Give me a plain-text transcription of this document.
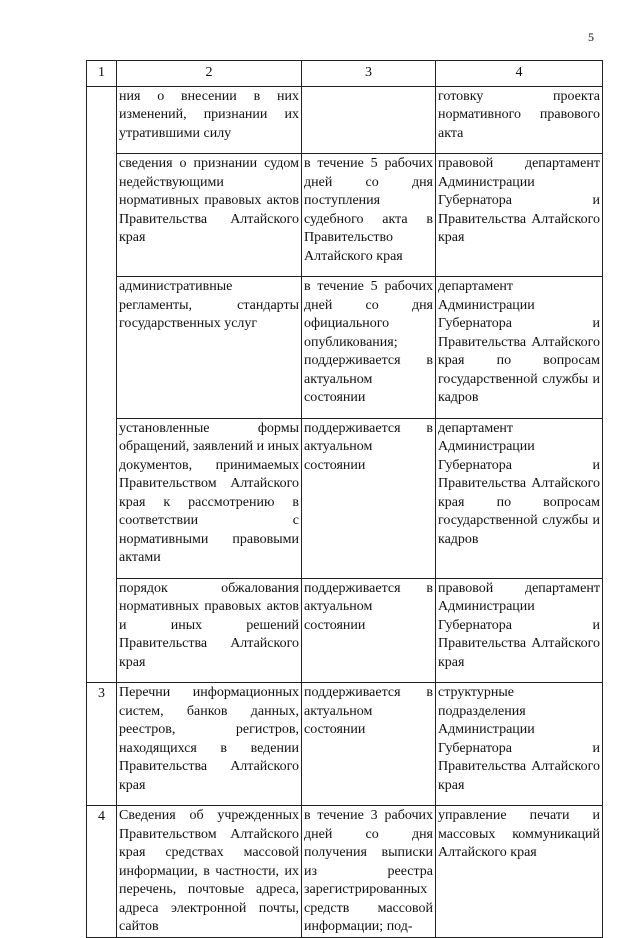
5
1	2	3	4
	ния о внесении в них изменений, признании их утратившими силу		готовку проекта нормативного правового акта
	сведения о признании судом недействующими нормативных правовых актов Правительства Алтайского края	в течение 5 рабочих дней со дня поступления судебного акта в Правительство Алтайского края	правовой департамент Администрации Губернатора и Правительства Алтайского края
	административные регламенты, стандарты государственных услуг	в течение 5 рабочих дней со дня официального опубликования; поддерживается в актуальном состоянии	департамент Администрации Губернатора и Правительства Алтайского края по вопросам государственной службы и кадров
	установленные формы обращений, заявлений и иных документов, принимаемых Правительством Алтайского края к рассмотрению в соответствии с нормативными правовыми актами	поддерживается в актуальном состоянии	департамент Администрации Губернатора и Правительства Алтайского края по вопросам государственной службы и кадров
	порядок обжалования нормативных правовых актов и иных решений Правительства Алтайского края	поддерживается в актуальном состоянии	правовой департамент Администрации Губернатора и Правительства Алтайского края
3	Перечни информационных систем, банков данных, реестров, регистров, находящихся в ведении Правительства Алтайского края	поддерживается в актуальном состоянии	структурные подразделения Администрации Губернатора и Правительства Алтайского края
4	Сведения об учрежденных Правительством Алтайского края средствах массовой информации, в частности, их перечень, почтовые адреса, адреса электронной почты, сайтов	в течение 3 рабочих дней со дня получения выписки из реестра зарегистрированных средств массовой информации; под-	управление печати и массовых коммуникаций Алтайского края
